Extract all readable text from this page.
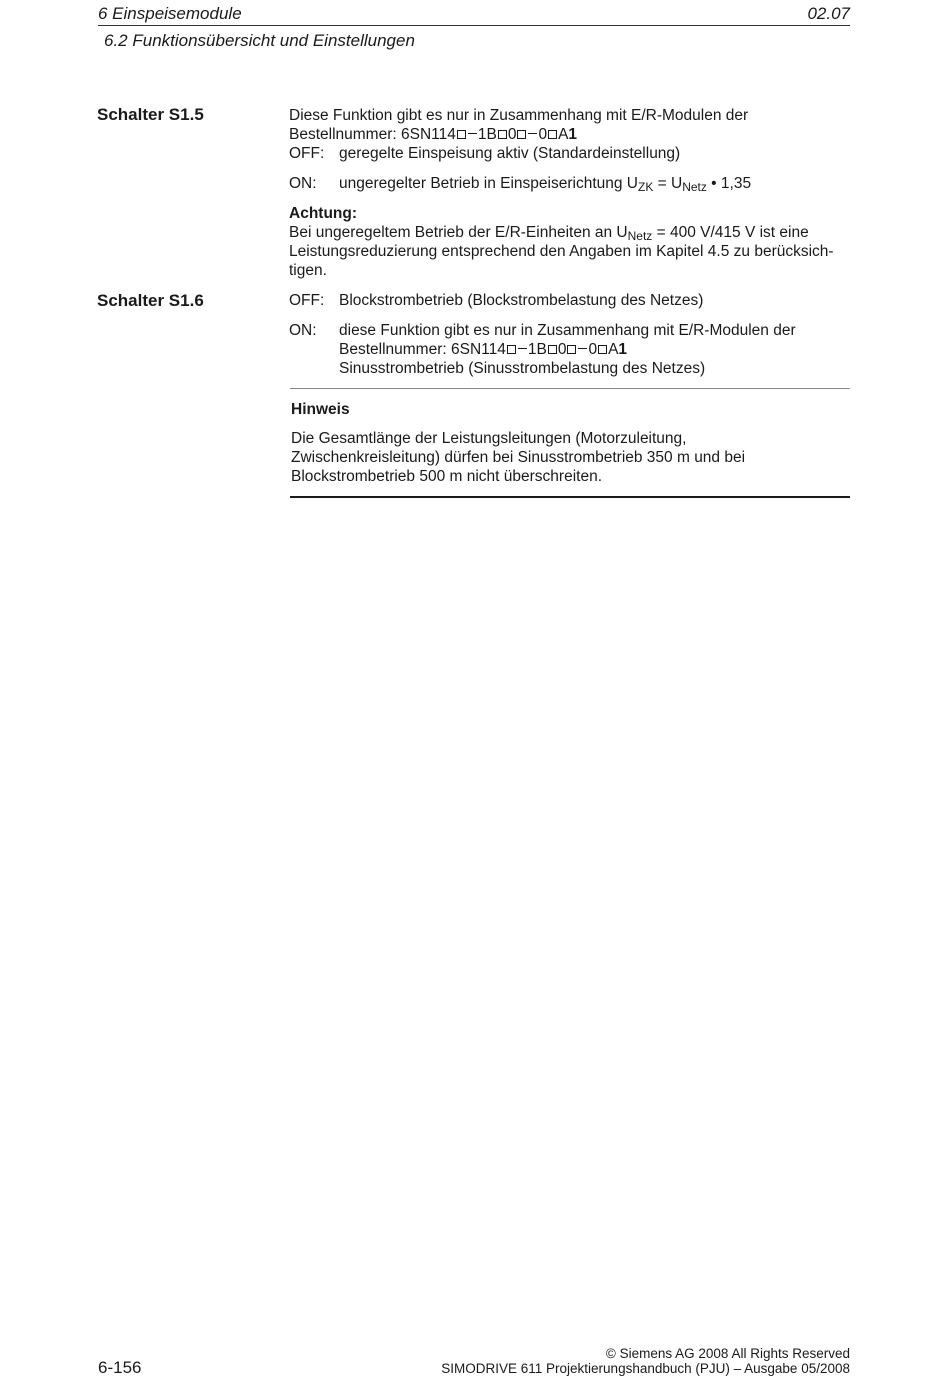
6 Einspeisemodule	02.07
6.2 Funktionsübersicht und Einstellungen
Schalter S1.5	Diese Funktion gibt es nur in Zusammenhang mit E/R-Modulen der
Bestellnummer: 6SN114 1B 0 0 A1
OFF: geregelte Einspeisung aktiv (Standardeinstellung)
ON: ungeregelter Betrieb in Einspeiserichtung $U_{ZK} = U_{Netz}$ • 1,35
Achtung:
Bei ungeregeltem Betrieb der E/R-Einheiten an $U_{Netz} = 400$ V/415 V ist eine
Leistungsreduzierung entsprechend den Angaben im Kapitel 4.5 zu berücksich-
tigen.
Schalter S1.6	OFF: Blockstrombetrieb (Blockstrombelastung des Netzes)
ON: diese Funktion gibt es nur in Zusammenhang mit E/R-Modulen der
Bestellnummer: 6SN114 1B 0 0 A1
Sinusstrombetrieb (Sinusstrombelastung des Netzes)
Hinweis
Die Gesamtlänge der Leistungsleitungen (Motorzuleitung,
Zwischenkreisleitung) dürfen bei Sinusstrombetrieb 350 m und bei
Blockstrombetrieb 500 m nicht überschreiten.
6-156
© Siemens AG 2008 All Rights Reserved
SIMODRIVE 611 Projektierungshandbuch (PJU) – Ausgabe 05/2008
